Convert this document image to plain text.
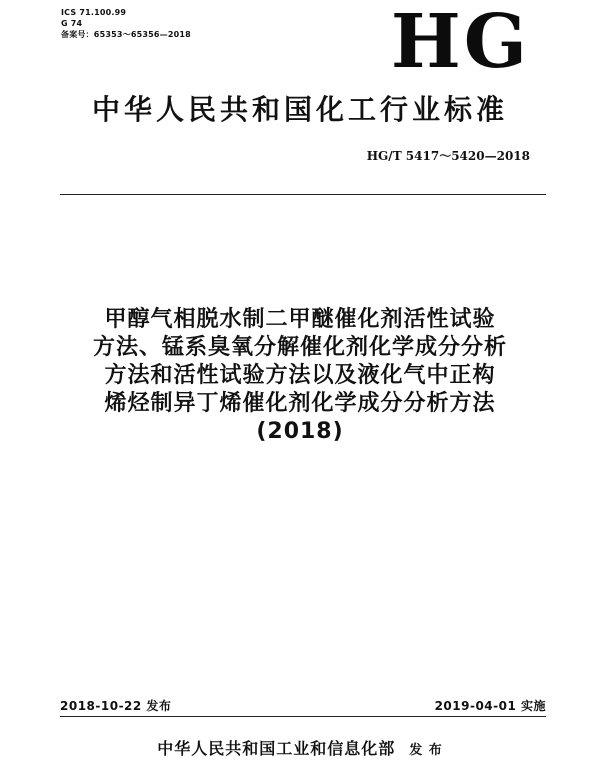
ICS 71.100.99
G 74
备案号：65353～65356—2018	HG
中华人民共和国化工行业标准
HG/T 5417～5420—2018
甲醇气相脱水制二甲醚催化剂活性试验
方法、锰系臭氧分解催化剂化学成分分析
方法和活性试验方法以及液化气中正构
烯烃制异丁烯催化剂化学成分分析方法
(2018)
2018-10-22 发布	2019-04-01 实施
中华人民共和国工业和信息化部 发 布
